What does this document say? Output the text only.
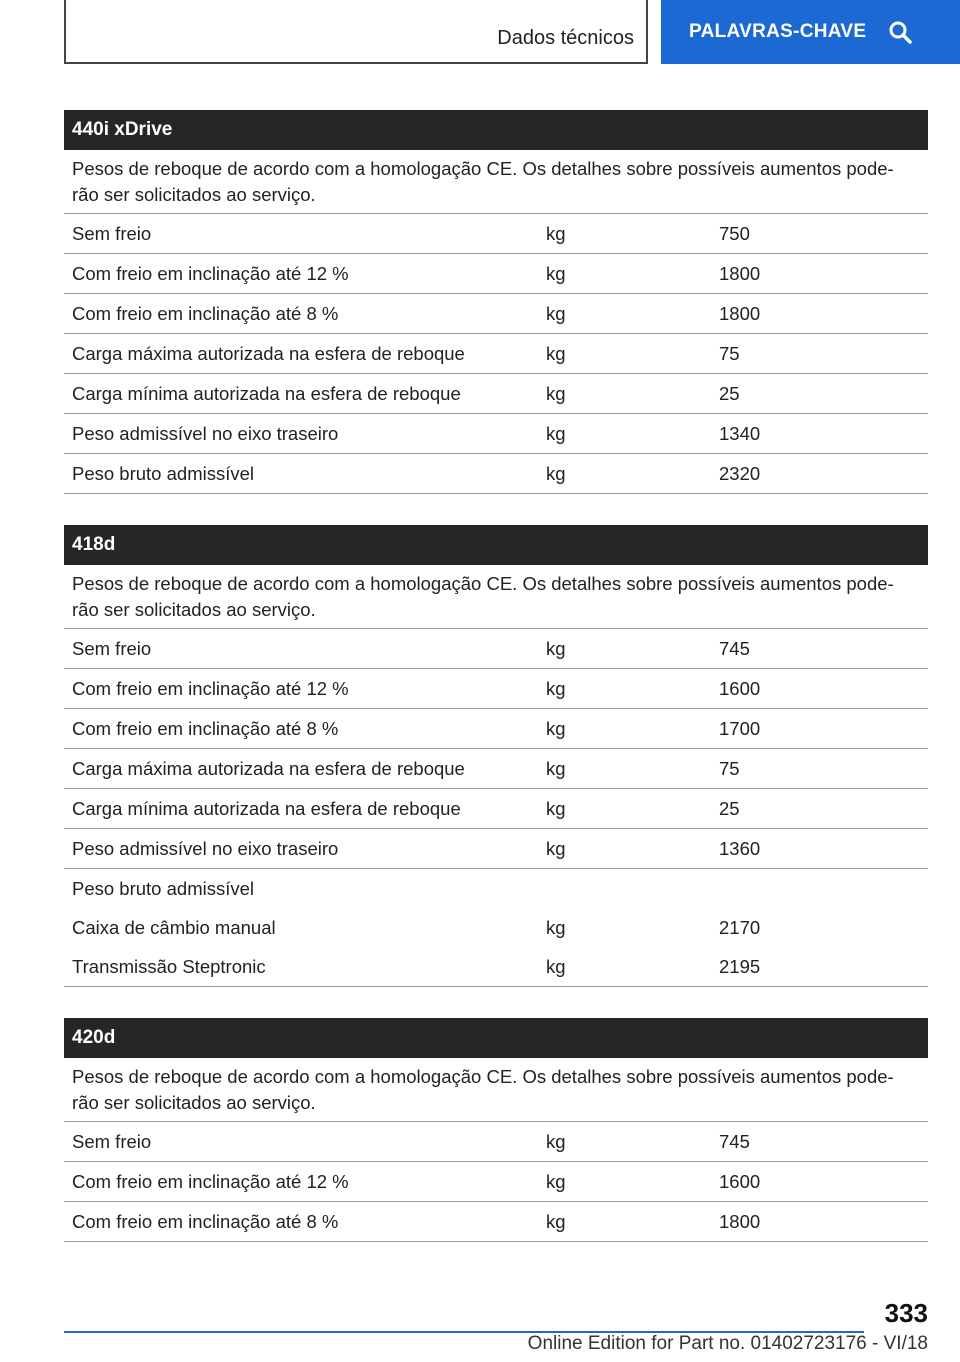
Dados técnicos	PALAVRAS-CHAVE
440i xDrive
Pesos de reboque de acordo com a homologação CE. Os detalhes sobre possíveis aumentos pode-rão ser solicitados ao serviço.
Sem freio	kg	750
Com freio em inclinação até 12 %	kg	1800
Com freio em inclinação até 8 %	kg	1800
Carga máxima autorizada na esfera de reboque	kg	75
Carga mínima autorizada na esfera de reboque	kg	25
Peso admissível no eixo traseiro	kg	1340
Peso bruto admissível	kg	2320
418d
Pesos de reboque de acordo com a homologação CE. Os detalhes sobre possíveis aumentos pode-rão ser solicitados ao serviço.
Sem freio	kg	745
Com freio em inclinação até 12 %	kg	1600
Com freio em inclinação até 8 %	kg	1700
Carga máxima autorizada na esfera de reboque	kg	75
Carga mínima autorizada na esfera de reboque	kg	25
Peso admissível no eixo traseiro	kg	1360
Peso bruto admissível
Caixa de câmbio manual	kg	2170
Transmissão Steptronic	kg	2195
420d
Pesos de reboque de acordo com a homologação CE. Os detalhes sobre possíveis aumentos pode-rão ser solicitados ao serviço.
Sem freio	kg	745
Com freio em inclinação até 12 %	kg	1600
Com freio em inclinação até 8 %	kg	1800
333
Online Edition for Part no. 01402723176 - VI/18
